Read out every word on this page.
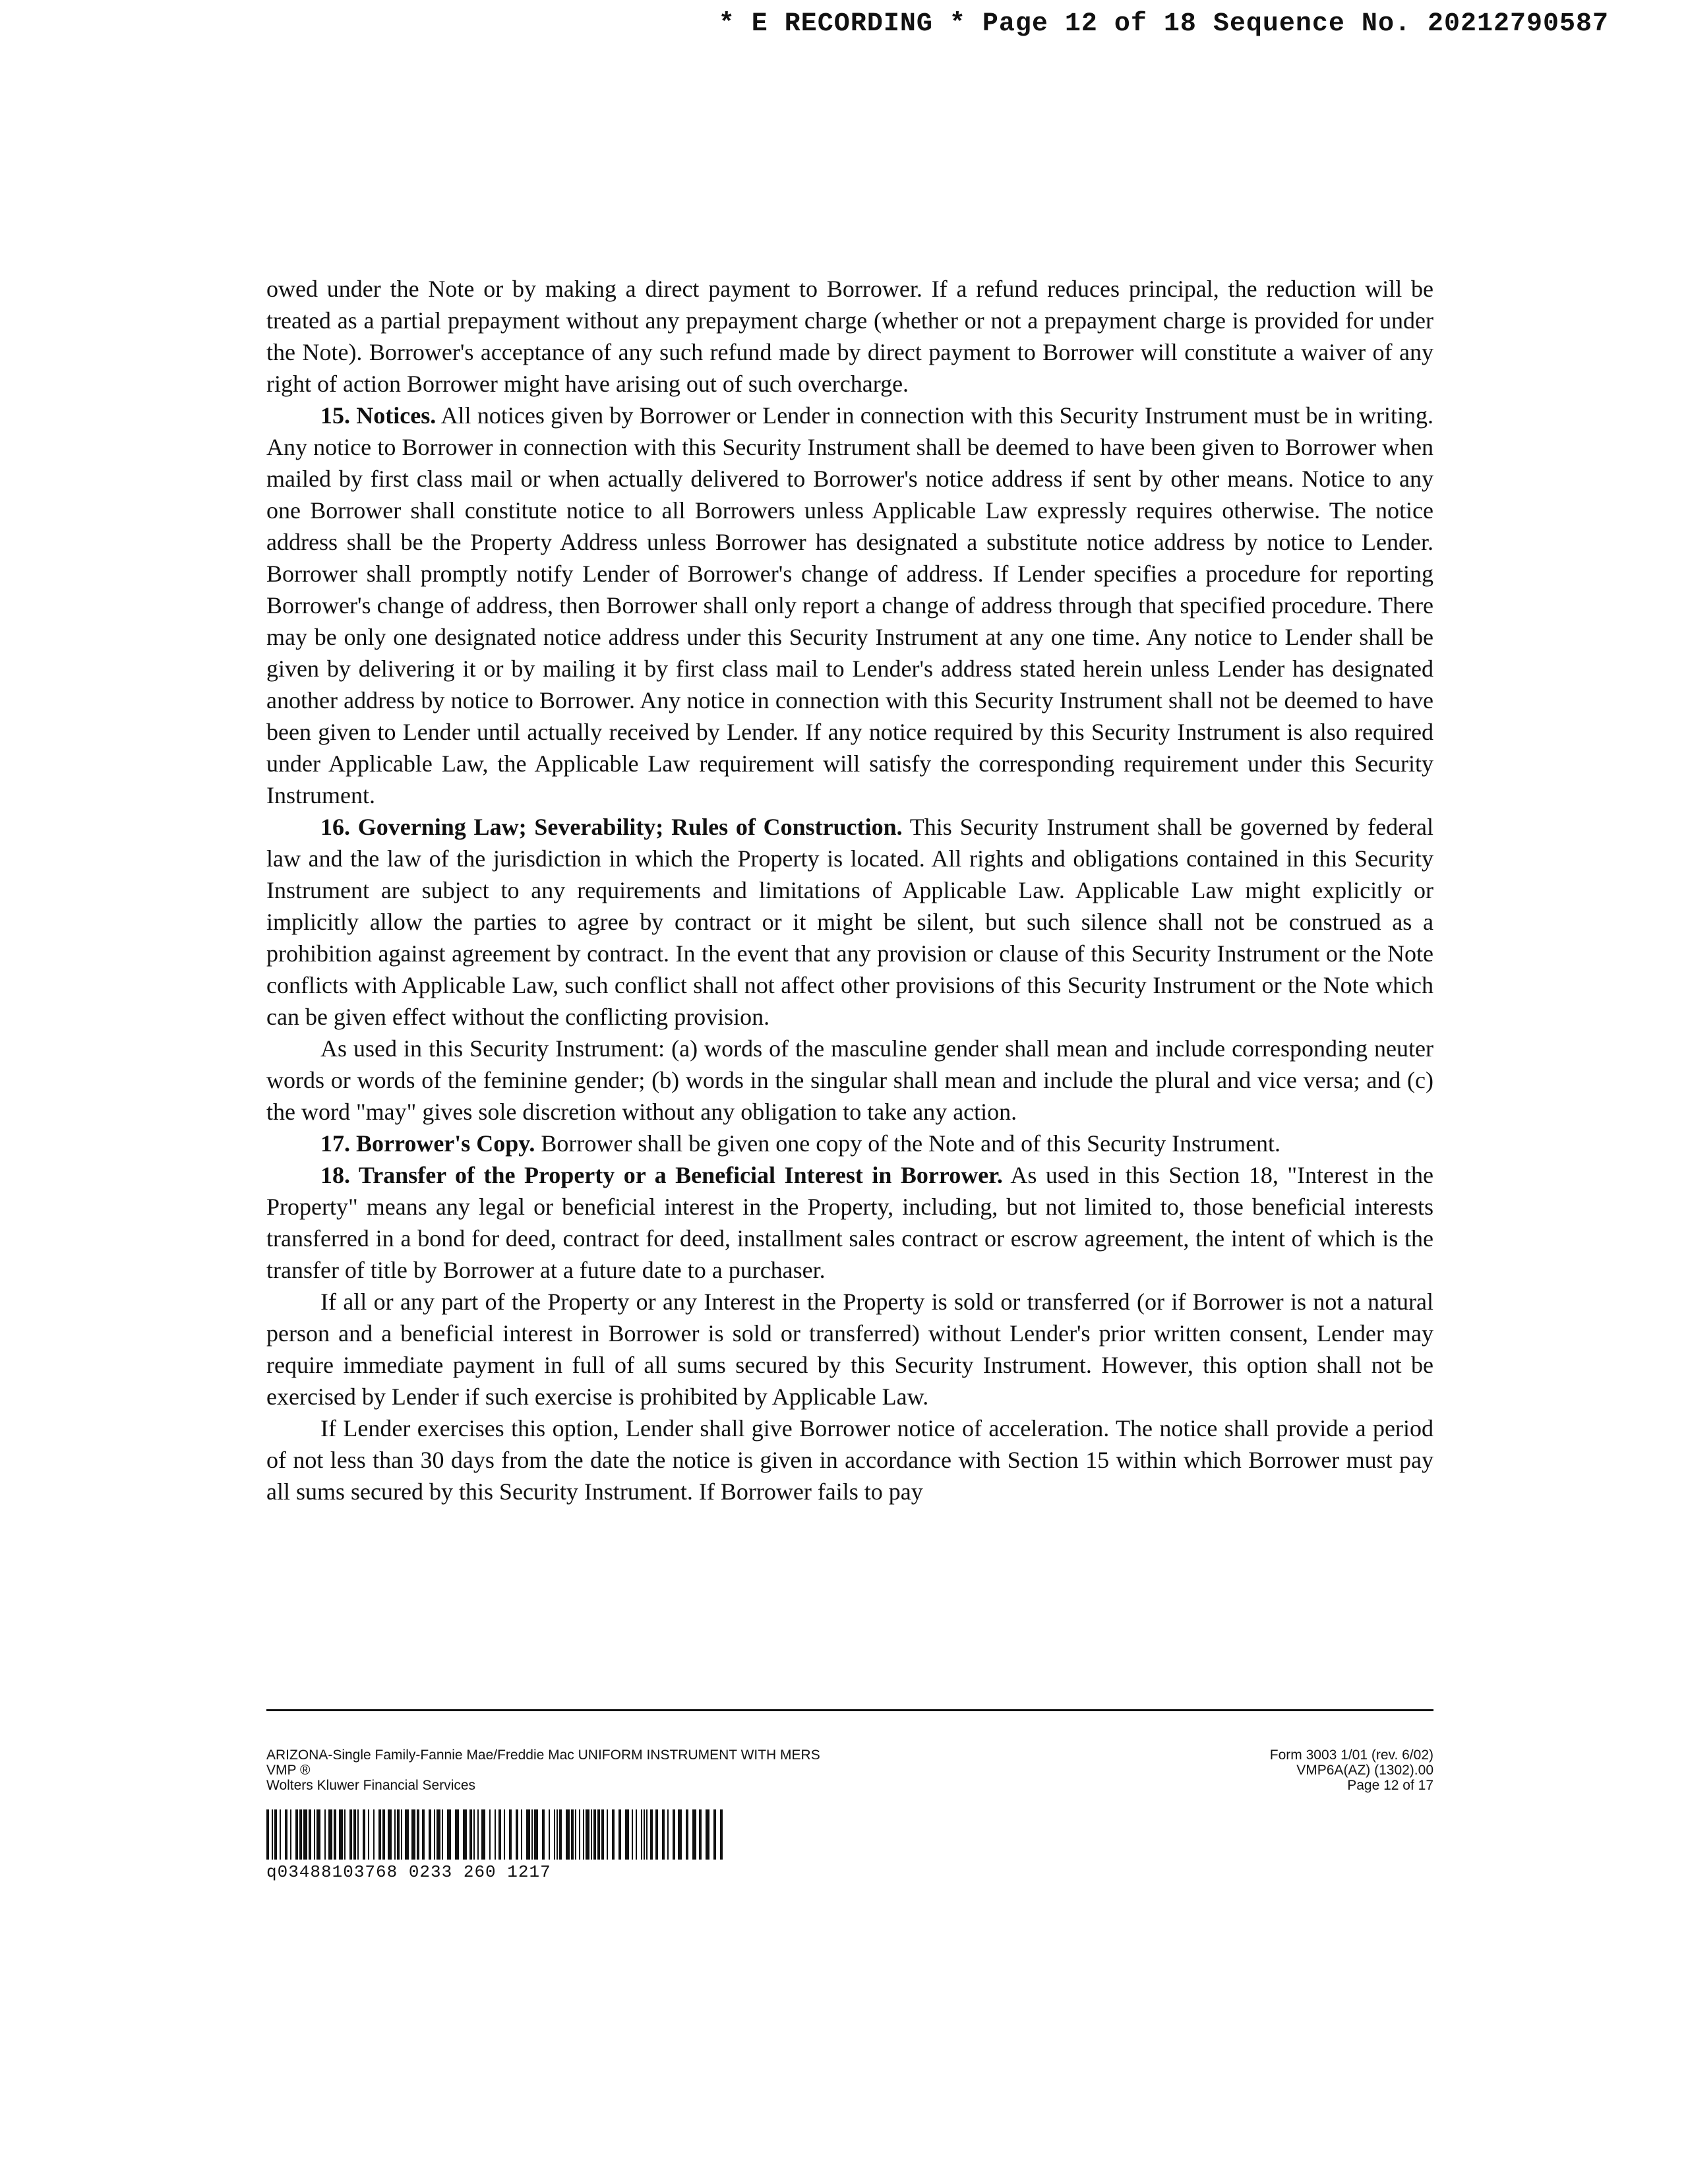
* E RECORDING * Page 12 of 18 Sequence No. 20212790587

owed under the Note or by making a direct payment to Borrower. If a refund reduces principal, the reduction will be treated as a partial prepayment without any prepayment charge (whether or not a prepayment charge is provided for under the Note). Borrower's acceptance of any such refund made by direct payment to Borrower will constitute a waiver of any right of action Borrower might have arising out of such overcharge.

15. Notices. All notices given by Borrower or Lender in connection with this Security Instrument must be in writing. Any notice to Borrower in connection with this Security Instrument shall be deemed to have been given to Borrower when mailed by first class mail or when actually delivered to Borrower's notice address if sent by other means. Notice to any one Borrower shall constitute notice to all Borrowers unless Applicable Law expressly requires otherwise. The notice address shall be the Property Address unless Borrower has designated a substitute notice address by notice to Lender. Borrower shall promptly notify Lender of Borrower's change of address. If Lender specifies a procedure for reporting Borrower's change of address, then Borrower shall only report a change of address through that specified procedure. There may be only one designated notice address under this Security Instrument at any one time. Any notice to Lender shall be given by delivering it or by mailing it by first class mail to Lender's address stated herein unless Lender has designated another address by notice to Borrower. Any notice in connection with this Security Instrument shall not be deemed to have been given to Lender until actually received by Lender. If any notice required by this Security Instrument is also required under Applicable Law, the Applicable Law requirement will satisfy the corresponding requirement under this Security Instrument.

16. Governing Law; Severability; Rules of Construction. This Security Instrument shall be governed by federal law and the law of the jurisdiction in which the Property is located. All rights and obligations contained in this Security Instrument are subject to any requirements and limitations of Applicable Law. Applicable Law might explicitly or implicitly allow the parties to agree by contract or it might be silent, but such silence shall not be construed as a prohibition against agreement by contract. In the event that any provision or clause of this Security Instrument or the Note conflicts with Applicable Law, such conflict shall not affect other provisions of this Security Instrument or the Note which can be given effect without the conflicting provision.

As used in this Security Instrument: (a) words of the masculine gender shall mean and include corresponding neuter words or words of the feminine gender; (b) words in the singular shall mean and include the plural and vice versa; and (c) the word "may" gives sole discretion without any obligation to take any action.

17. Borrower's Copy. Borrower shall be given one copy of the Note and of this Security Instrument.

18. Transfer of the Property or a Beneficial Interest in Borrower. As used in this Section 18, "Interest in the Property" means any legal or beneficial interest in the Property, including, but not limited to, those beneficial interests transferred in a bond for deed, contract for deed, installment sales contract or escrow agreement, the intent of which is the transfer of title by Borrower at a future date to a purchaser.

If all or any part of the Property or any Interest in the Property is sold or transferred (or if Borrower is not a natural person and a beneficial interest in Borrower is sold or transferred) without Lender's prior written consent, Lender may require immediate payment in full of all sums secured by this Security Instrument. However, this option shall not be exercised by Lender if such exercise is prohibited by Applicable Law.

If Lender exercises this option, Lender shall give Borrower notice of acceleration. The notice shall provide a period of not less than 30 days from the date the notice is given in accordance with Section 15 within which Borrower must pay all sums secured by this Security Instrument. If Borrower fails to pay

ARIZONA-Single Family-Fannie Mae/Freddie Mac UNIFORM INSTRUMENT WITH MERS
VMP ®
Wolters Kluwer Financial Services
Form 3003 1/01 (rev. 6/02)
VMP6A(AZ) (1302).00
Page 12 of 17
q03488103768 0233 260 1217
